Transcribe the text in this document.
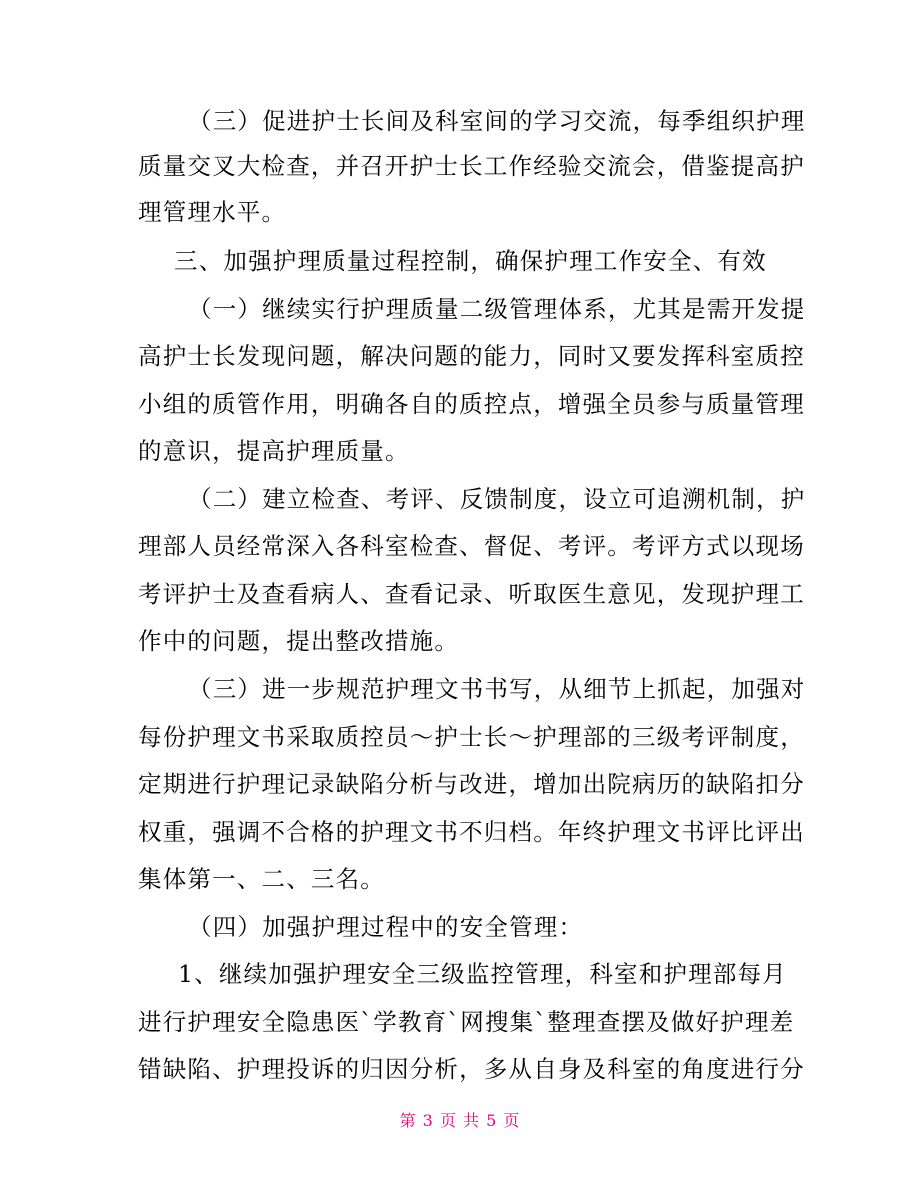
（三）促进护士长间及科室间的学习交流，每季组织护理
质量交叉大检查，并召开护士长工作经验交流会，借鉴提高护
理管理水平。
三、加强护理质量过程控制，确保护理工作安全、有效
（一）继续实行护理质量二级管理体系，尤其是需开发提
高护士长发现问题，解决问题的能力，同时又要发挥科室质控
小组的质管作用，明确各自的质控点，增强全员参与质量管理
的意识，提高护理质量。
（二）建立检查、考评、反馈制度，设立可追溯机制，护
理部人员经常深入各科室检查、督促、考评。考评方式以现场
考评护士及查看病人、查看记录、听取医生意见，发现护理工
作中的问题，提出整改措施。
（三）进一步规范护理文书书写，从细节上抓起，加强对
每份护理文书采取质控员～护士长～护理部的三级考评制度，
定期进行护理记录缺陷分析与改进，增加出院病历的缺陷扣分
权重，强调不合格的护理文书不归档。年终护理文书评比评出
集体第一、二、三名。
（四）加强护理过程中的安全管理：
1、继续加强护理安全三级监控管理，科室和护理部每月
进行护理安全隐患医`学教育`网搜集`整理查摆及做好护理差
错缺陷、护理投诉的归因分析，多从自身及科室的角度进行分
第 3 页 共 5 页
